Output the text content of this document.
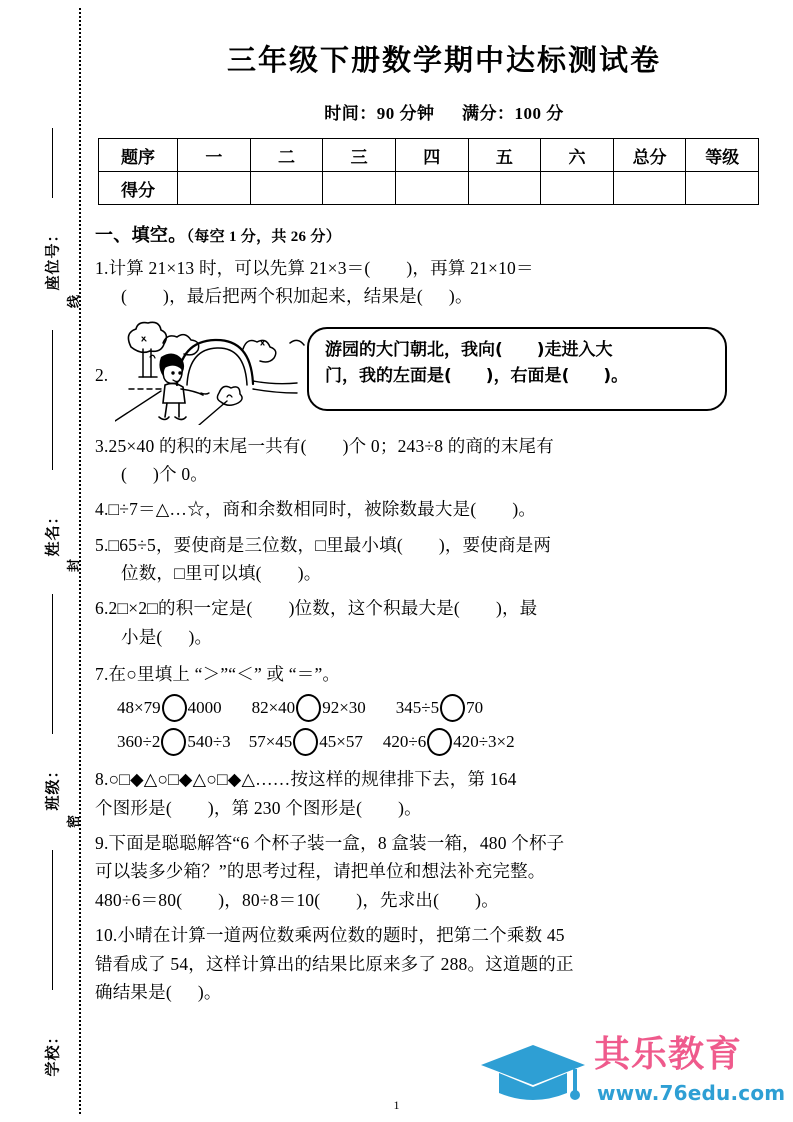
座位号：
线
姓名：
封
班级：
密
学校：
三年级下册数学期中达标测试卷
时间：90 分钟 满分：100 分
题序	一	二	三	四	五	六	总分	等级
得分								
一、填空。（每空 1 分，共 26 分）
1.计算 21×13 时，可以先算 21×3＝ (  )	，再算 21×10＝
(  )，最后把两个积加起来，结果是 (  ) 。
2.
游园的大门朝北，我向 (  )	走进入大
门，我的左面是 (  )	，右面是 (  )	。
3.25×40 的积的末尾一共有 (  )	个 0；243÷8 的商的末尾有
(  )个 0。
4.□÷7＝△…☆，商和余数相同时，被除数最大是 (  )	。
5.□65÷5，要使商是三位数，□里最小填 (  )	，要使商是两
位数，□里可以填 (  )	。
6.2□×2□的积一定是 (  )	位数，这个积最大是 (  )	，最
小是 (  ) 。
7.在○里填上 “＞”“＜” 或 “＝”。
48×79 4000 82×40 92×30 345÷5 70
360÷2 540÷3 57×45 45×57 420÷6 420÷3×2
8.○□◆△○□◆△○□◆△……按这样的规律排下去，第 164
个图形是 (  )	，第 230 个图形是 (  )	。
9.下面是聪聪解答“6 个杯子装一盒，8 盒装一箱，480 个杯子
可以装多少箱？”的思考过程，请把单位和想法补充完整。
480÷6＝80 (  )	，80÷8＝10 (  )	，先求出 (  )	。
10.小晴在计算一道两位数乘两位数的题时，把第二个乘数 45
错看成了 54，这样计算出的结果比原来多了 288。这道题的正
确结果是 (  ) 。
其乐教育
www.76edu.com
1
